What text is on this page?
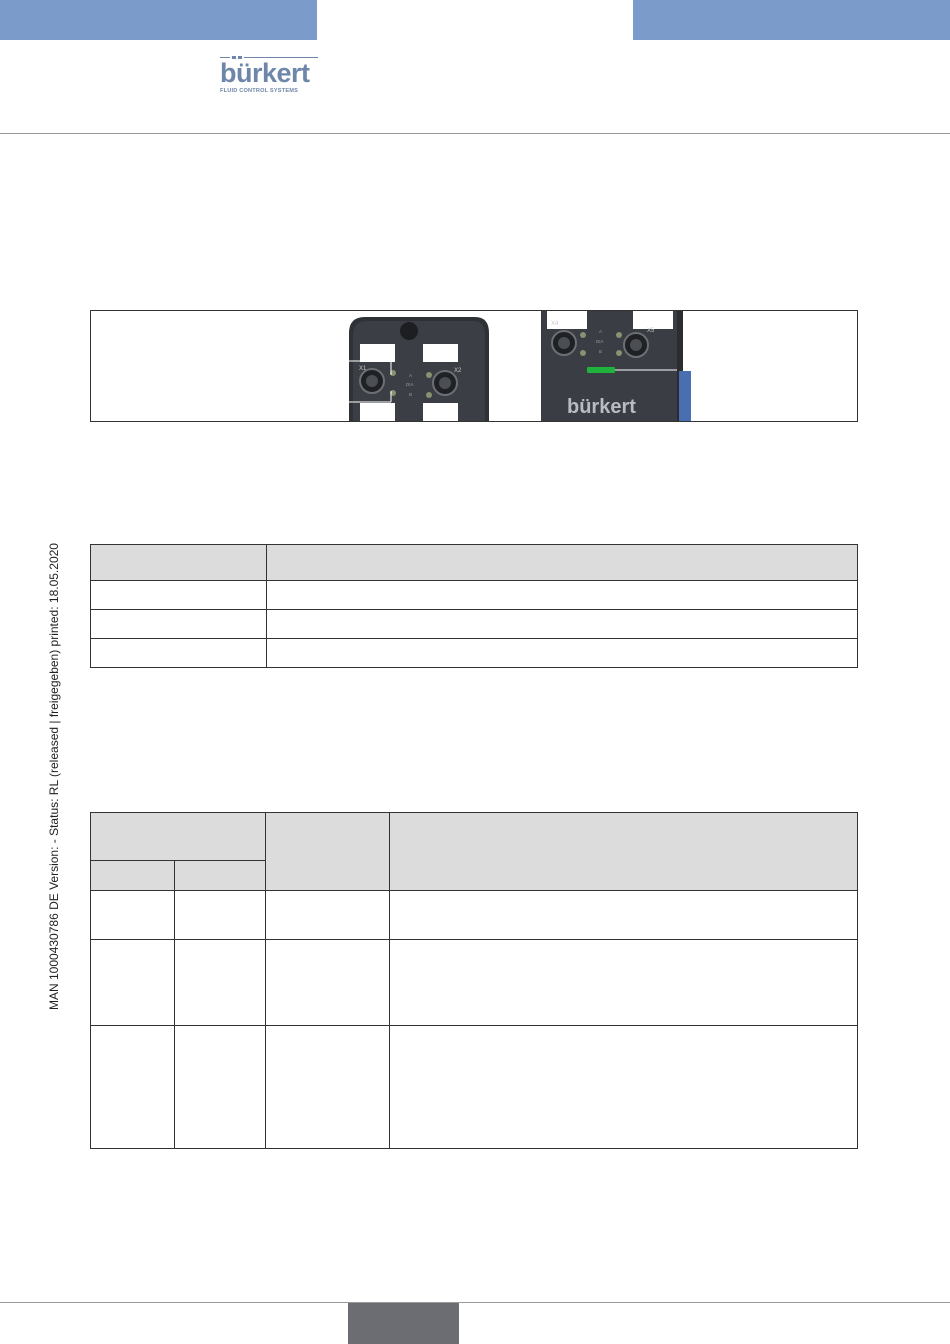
bürkert
FLUID CONTROL SYSTEMS
MAN 1000430786 DE Version: - Status: RL (released | freigegeben) printed: 18.05.2020
X1	X2
A
DIA
B
X4
X5
A
DIA
B
bürkert
